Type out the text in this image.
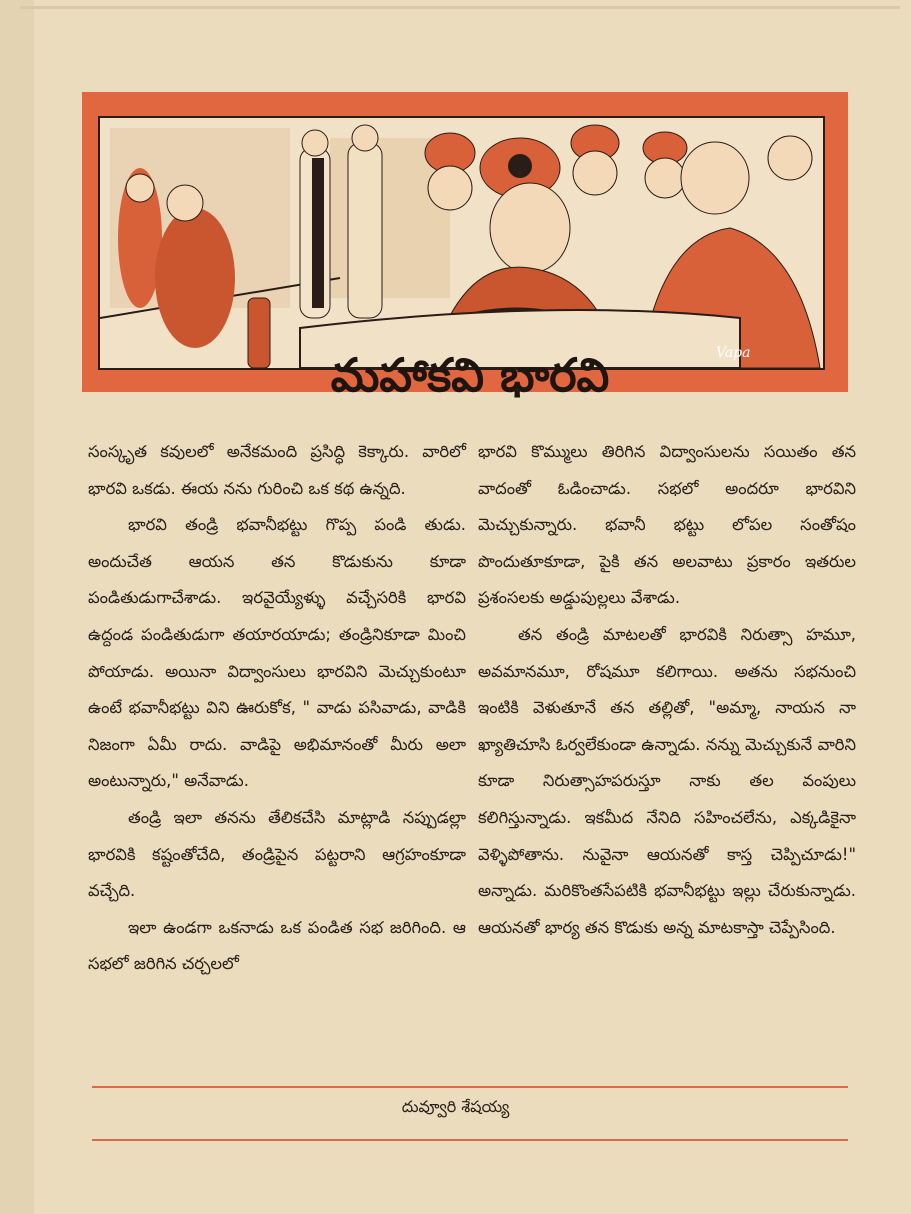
Vapa
మహాకవి భారవి

సంస్కృత కవులలో అనేకమంది ప్రసిద్ధి కెక్కారు. వారిలో భారవి ఒకడు. ఈయ నను గురించి ఒక కథ ఉన్నది.

భారవి తండ్రి భవానీభట్టు గొప్ప పండి తుడు. అందుచేత ఆయన తన కొడుకును కూడా పండితుడుగాచేశాడు. ఇరవైయ్యేళ్ళు వచ్చేసరికి భారవి ఉద్దండ పండితుడుగా తయారయాడు; తండ్రినికూడా మించి పోయాడు. అయినా విద్వాంసులు భారవిని మెచ్చుకుంటూ ఉంటే భవానీభట్టు విని ఊరుకోక, " వాడు పసివాడు, వాడికి నిజంగా ఏమీ రాదు. వాడిపై అభిమానంతో మీరు అలా అంటున్నారు," అనేవాడు.

తండ్రి ఇలా తనను తేలికచేసి మాట్లాడి నప్పుడల్లా భారవికి కష్టంతోచేది, తండ్రిపైన పట్టరాని ఆగ్రహంకూడా వచ్చేది.

ఇలా ఉండగా ఒకనాడు ఒక పండిత సభ జరిగింది. ఆ సభలో జరిగిన చర్చలలో

భారవి కొమ్ములు తిరిగిన విద్వాంసులను సయితం తన వాదంతో ఓడించాడు. సభలో అందరూ భారవిని మెచ్చుకున్నారు. భవానీ భట్టు లోపల సంతోషం పొందుతూకూడా, పైకి తన అలవాటు ప్రకారం ఇతరుల ప్రశంసలకు అడ్డుపుల్లలు వేశాడు.

తన తండ్రి మాటలతో భారవికి నిరుత్సా హమూ, అవమానమూ, రోషమూ కలిగాయి. అతను సభనుంచి ఇంటికి వెళుతూనే తన తల్లితో, "అమ్మా, నాయన నా ఖ్యాతిచూసి ఓర్వలేకుండా ఉన్నాడు. నన్ను మెచ్చుకునే వారిని కూడా నిరుత్సాహపరుస్తూ నాకు తల వంపులు కలిగిస్తున్నాడు. ఇకమీద నేనిది సహించలేను, ఎక్కడికైనా వెళ్ళిపోతాను. నువైనా ఆయనతో కాస్త చెప్పిచూడు!" అన్నాడు. మరికొంతసేపటికి భవానీభట్టు ఇల్లు చేరుకున్నాడు. ఆయనతో భార్య తన కొడుకు అన్న మాటకాస్తా చెప్పేసింది.

దువ్వూరి శేషయ్య
